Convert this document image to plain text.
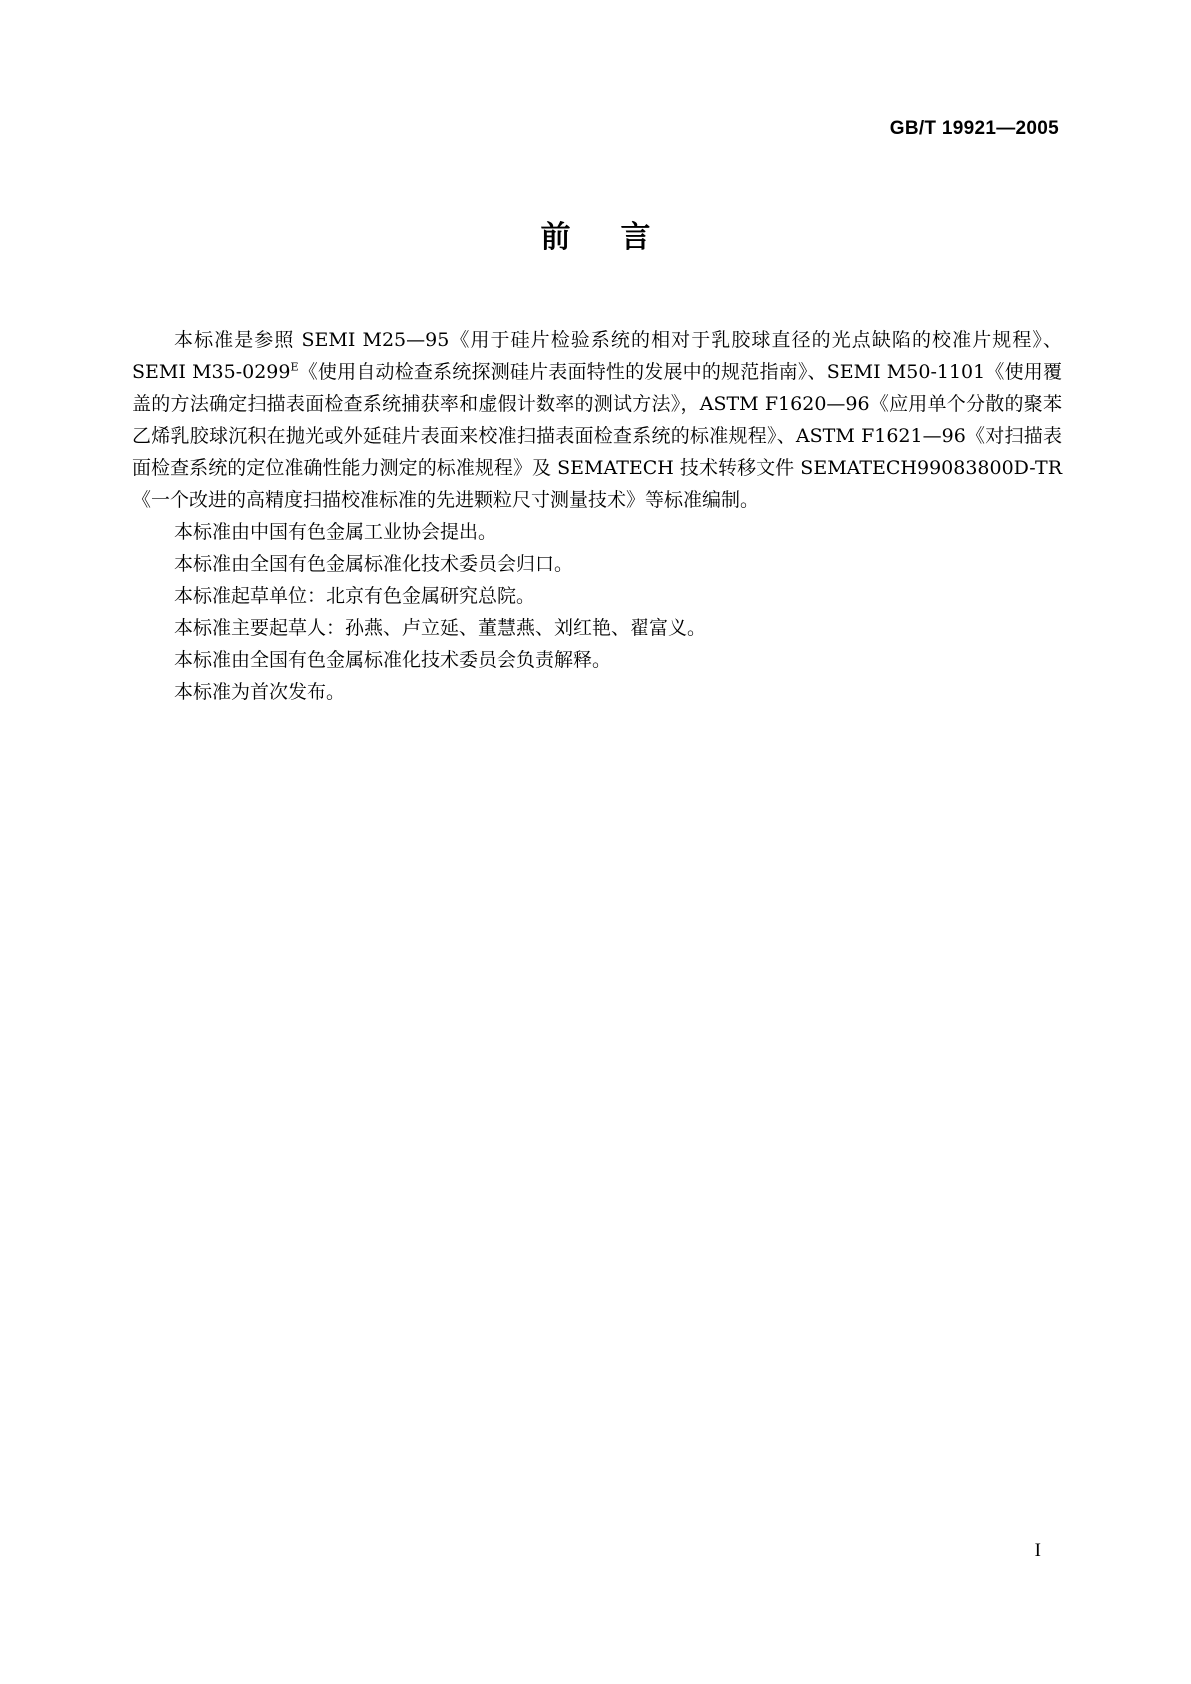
GB/T 19921—2005
前言

本标准是参照 SEMI M25—95《用于硅片检验系统的相对于乳胶球直径的光点缺陷的校准片规程》、SEMI $M35-0299^E$《使用自动检查系统探测硅片表面特性的发展中的规范指南》、SEMI M50-1101《使用覆盖的方法确定扫描表面检查系统捕获率和虚假计数率的测试方法》，ASTM F1620—96《应用单个分散的聚苯乙烯乳胶球沉积在抛光或外延硅片表面来校准扫描表面检查系统的标准规程》、ASTM F1621—96《对扫描表面检查系统的定位准确性能力测定的标准规程》及 SEMATECH 技术转移文件 SEMATECH99083800D-TR《一个改进的高精度扫描校准标准的先进颗粒尺寸测量技术》等标准编制。

本标准由中国有色金属工业协会提出。

本标准由全国有色金属标准化技术委员会归口。

本标准起草单位：北京有色金属研究总院。

本标准主要起草人：孙燕、卢立延、董慧燕、刘红艳、翟富义。

本标准由全国有色金属标准化技术委员会负责解释。

本标准为首次发布。

I
